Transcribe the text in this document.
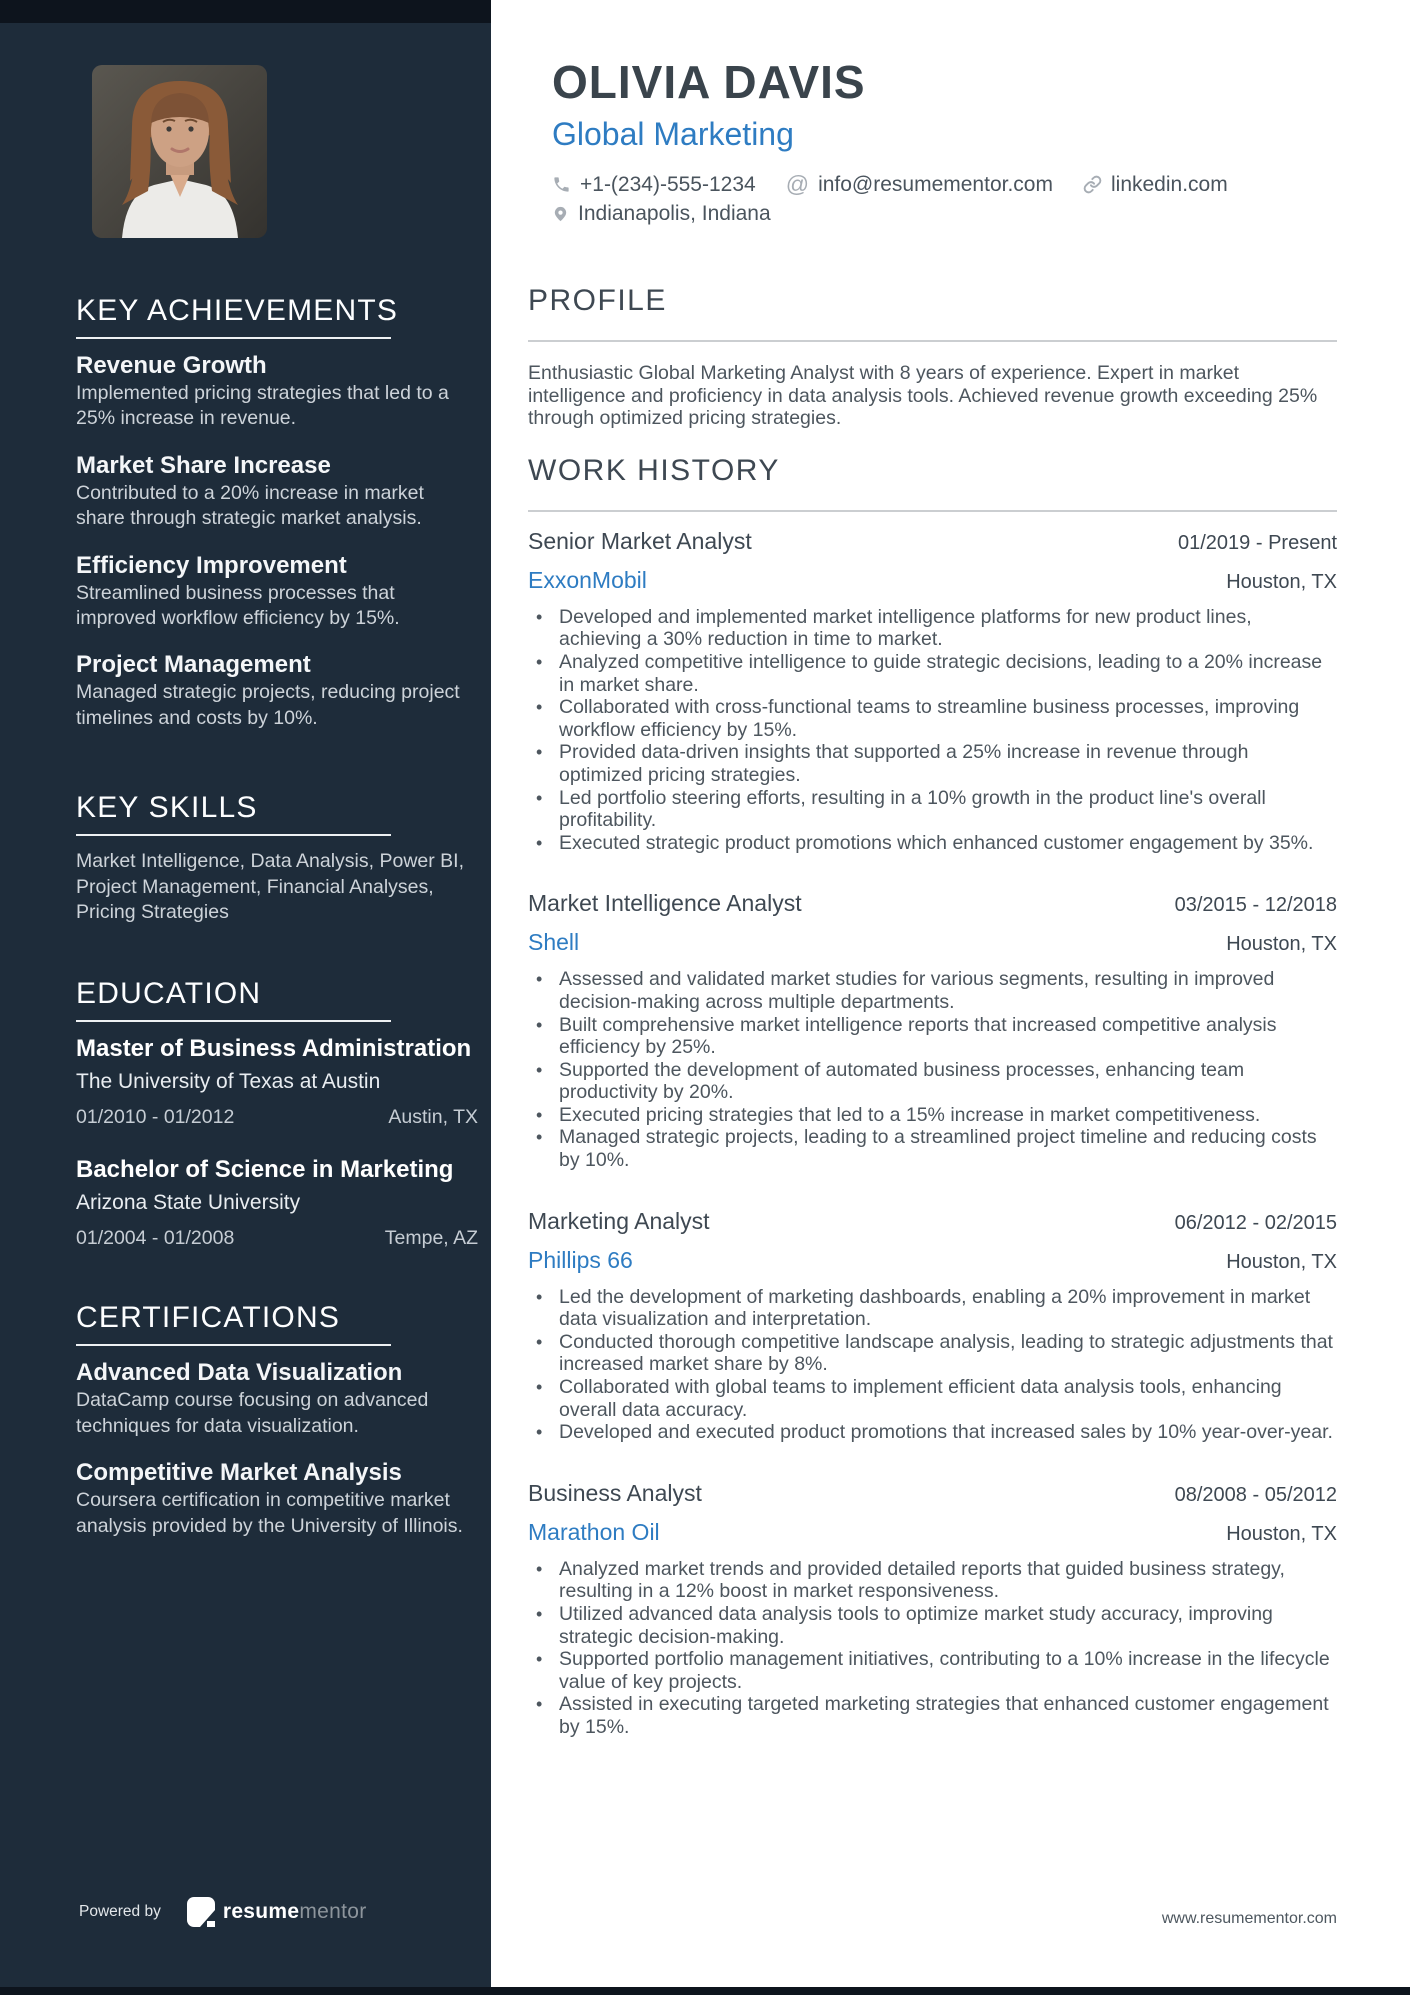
KEY ACHIEVEMENTS
Revenue Growth

Implemented pricing strategies that led to a 25% increase in revenue.

Market Share Increase

Contributed to a 20% increase in market share through strategic market analysis.

Efficiency Improvement

Streamlined business processes that improved workflow efficiency by 15%.

Project Management

Managed strategic projects, reducing project timelines and costs by 10%.

KEY SKILLS

Market Intelligence, Data Analysis, Power BI, Project Management, Financial Analyses, Pricing Strategies

EDUCATION
Master of Business Administration

The University of Texas at Austin

01/2010 - 01/2012	Austin, TX
Bachelor of Science in Marketing

Arizona State University

01/2004 - 01/2008	Tempe, AZ
CERTIFICATIONS
Advanced Data Visualization

DataCamp course focusing on advanced techniques for data visualization.

Competitive Market Analysis

Coursera certification in competitive market analysis provided by the University of Illinois.

OLIVIA DAVIS
Global Marketing
+1-(234)-555-1234 @ info@resumementor.com	linkedin.com
Indianapolis, Indiana
PROFILE

Enthusiastic Global Marketing Analyst with 8 years of experience. Expert in market intelligence and proficiency in data analysis tools. Achieved revenue growth exceeding 25% through optimized pricing strategies.

WORK HISTORY
Senior Market Analyst	01/2019 - Present
ExxonMobil	Houston, TX
• Developed and implemented market intelligence platforms for new product lines, achieving a 30% reduction in time to market.
• Analyzed competitive intelligence to guide strategic decisions, leading to a 20% increase in market share.
• Collaborated with cross-functional teams to streamline business processes, improving workflow efficiency by 15%.
• Provided data-driven insights that supported a 25% increase in revenue through optimized pricing strategies.
• Led portfolio steering efforts, resulting in a 10% growth in the product line's overall profitability.
• Executed strategic product promotions which enhanced customer engagement by 35%.
Market Intelligence Analyst	03/2015 - 12/2018
Shell	Houston, TX
• Assessed and validated market studies for various segments, resulting in improved decision-making across multiple departments.
• Built comprehensive market intelligence reports that increased competitive analysis efficiency by 25%.
• Supported the development of automated business processes, enhancing team productivity by 20%.
• Executed pricing strategies that led to a 15% increase in market competitiveness.
• Managed strategic projects, leading to a streamlined project timeline and reducing costs by 10%.
Marketing Analyst	06/2012 - 02/2015
Phillips 66	Houston, TX
• Led the development of marketing dashboards, enabling a 20% improvement in market data visualization and interpretation.
• Conducted thorough competitive landscape analysis, leading to strategic adjustments that increased market share by 8%.
• Collaborated with global teams to implement efficient data analysis tools, enhancing overall data accuracy.
• Developed and executed product promotions that increased sales by 10% year-over-year.
Business Analyst	08/2008 - 05/2012
Marathon Oil	Houston, TX
• Analyzed market trends and provided detailed reports that guided business strategy, resulting in a 12% boost in market responsiveness.
• Utilized advanced data analysis tools to optimize market study accuracy, improving strategic decision-making.
• Supported portfolio management initiatives, contributing to a 10% increase in the lifecycle value of key projects.
• Assisted in executing targeted marketing strategies that enhanced customer engagement by 15%.
Powered by	resumementor	www.resumementor.com
